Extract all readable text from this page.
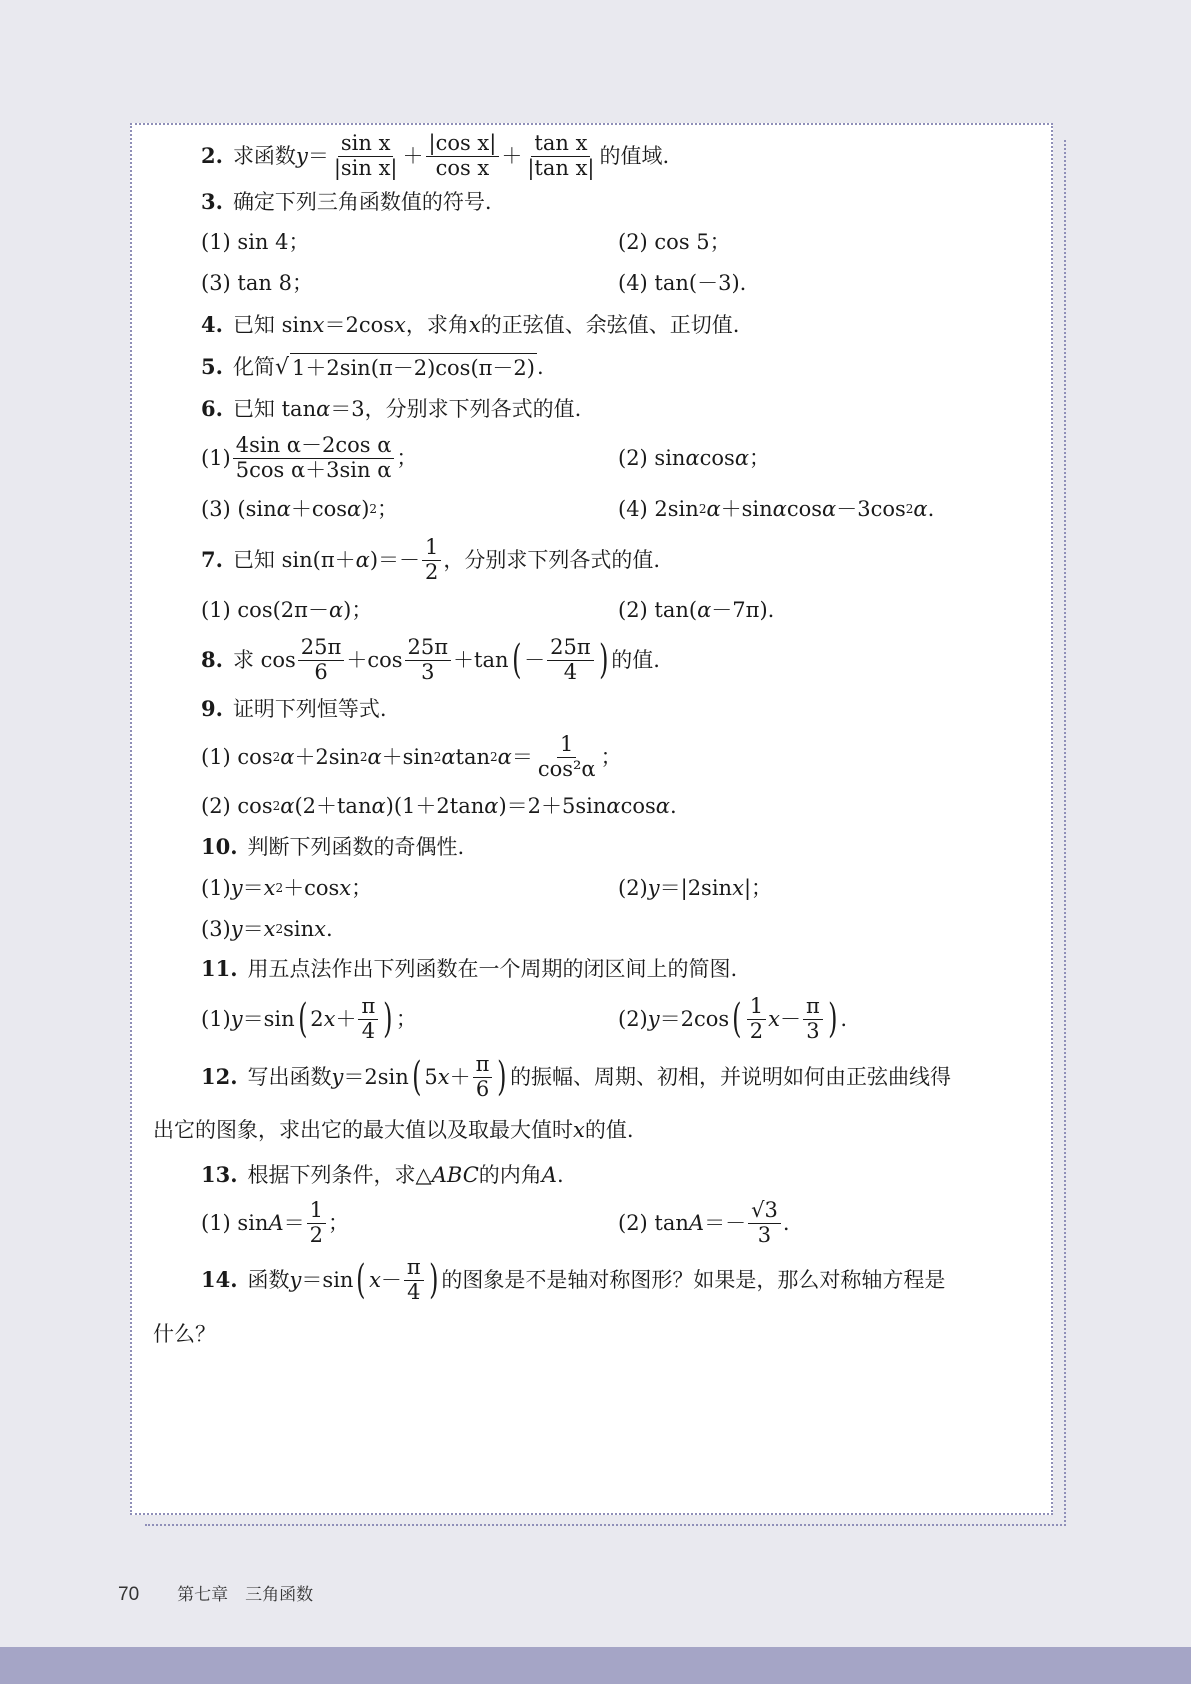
2. 求函数 $y = \frac{\text{sin x}}{\text{|sin x|}} + \frac{\text{|cos x|}}{\text{cos x}} + \frac{\text{tan x}}{\text{|tan x|}}$ 的值域.
3. 确定下列三角函数值的符号.
(1) sin 4；	(2) cos 5；
(3) tan 8；	(4) tan(－3).
4. 已知 sin x ＝2cos x ，求角 x 的正弦值、余弦值、正切值.
5. 化简 √ 1＋2sin(π－2)cos(π－2) .
6. 已知 tan α ＝3，分别求下列各式的值.
$(1) \frac{\text{4sin α－2cos α}}{\text{5cos α＋3sin α}}$ ；	(2) sin α cos α ；
(3) (sin α ＋cos α ) 2 ；	(4) 2sin 2 α ＋sin α cos α －3cos 2 α .
7. 已知 sin(π＋ α )＝－ $\frac{1}{2}$ ，分别求下列各式的值.
(1) cos(2π－ α )；	(2) tan( α －7π).
8. 求 $\cos \frac{25\pi}{6} +\cos \frac{25\pi}{3} +\tan$ ( － $\frac{25\pi}{4}$ ) 的值.
9. 证明下列恒等式.
(1) cos 2 α ＋2sin 2 α ＋sin 2 α tan 2 $\alpha = \frac{1}{\text{cos²α}}$ ；
(2) cos 2 α (2＋tan α )(1＋2tan α )＝2＋5sin α cos α .
10. 判断下列函数的奇偶性.
(1) y ＝ x 2 ＋cos x ；	(2) y ＝|2sin x |；
(3) y ＝ x 2 sin x .
11. 用五点法作出下列函数在一个周期的闭区间上的简图.
(1) y ＝sin ( 2 $x + \frac{\pi}{4}$ ) ；	(2) y ＝2cos ( $\frac{1}{2}$ $x - \frac{\pi}{3}$ ) .
12. 写出函数 y ＝2sin ( 5 $x + \frac{\pi}{6}$ ) 的振幅、周期、初相，并说明如何由正弦曲线得
出它的图象，求出它的最大值以及取最大值时 x 的值.
13. 根据下列条件，求△ ABC 的内角 A .
(1) $\sin A = \frac{1}{2}$ ；	(2) $\tan A =- \frac{√3}{3}$ .
14. 函数 y ＝sin ( $x - \frac{\pi}{4}$ ) 的图象是不是轴对称图形？如果是，那么对称轴方程是
什么？
70 第七章　三角函数
